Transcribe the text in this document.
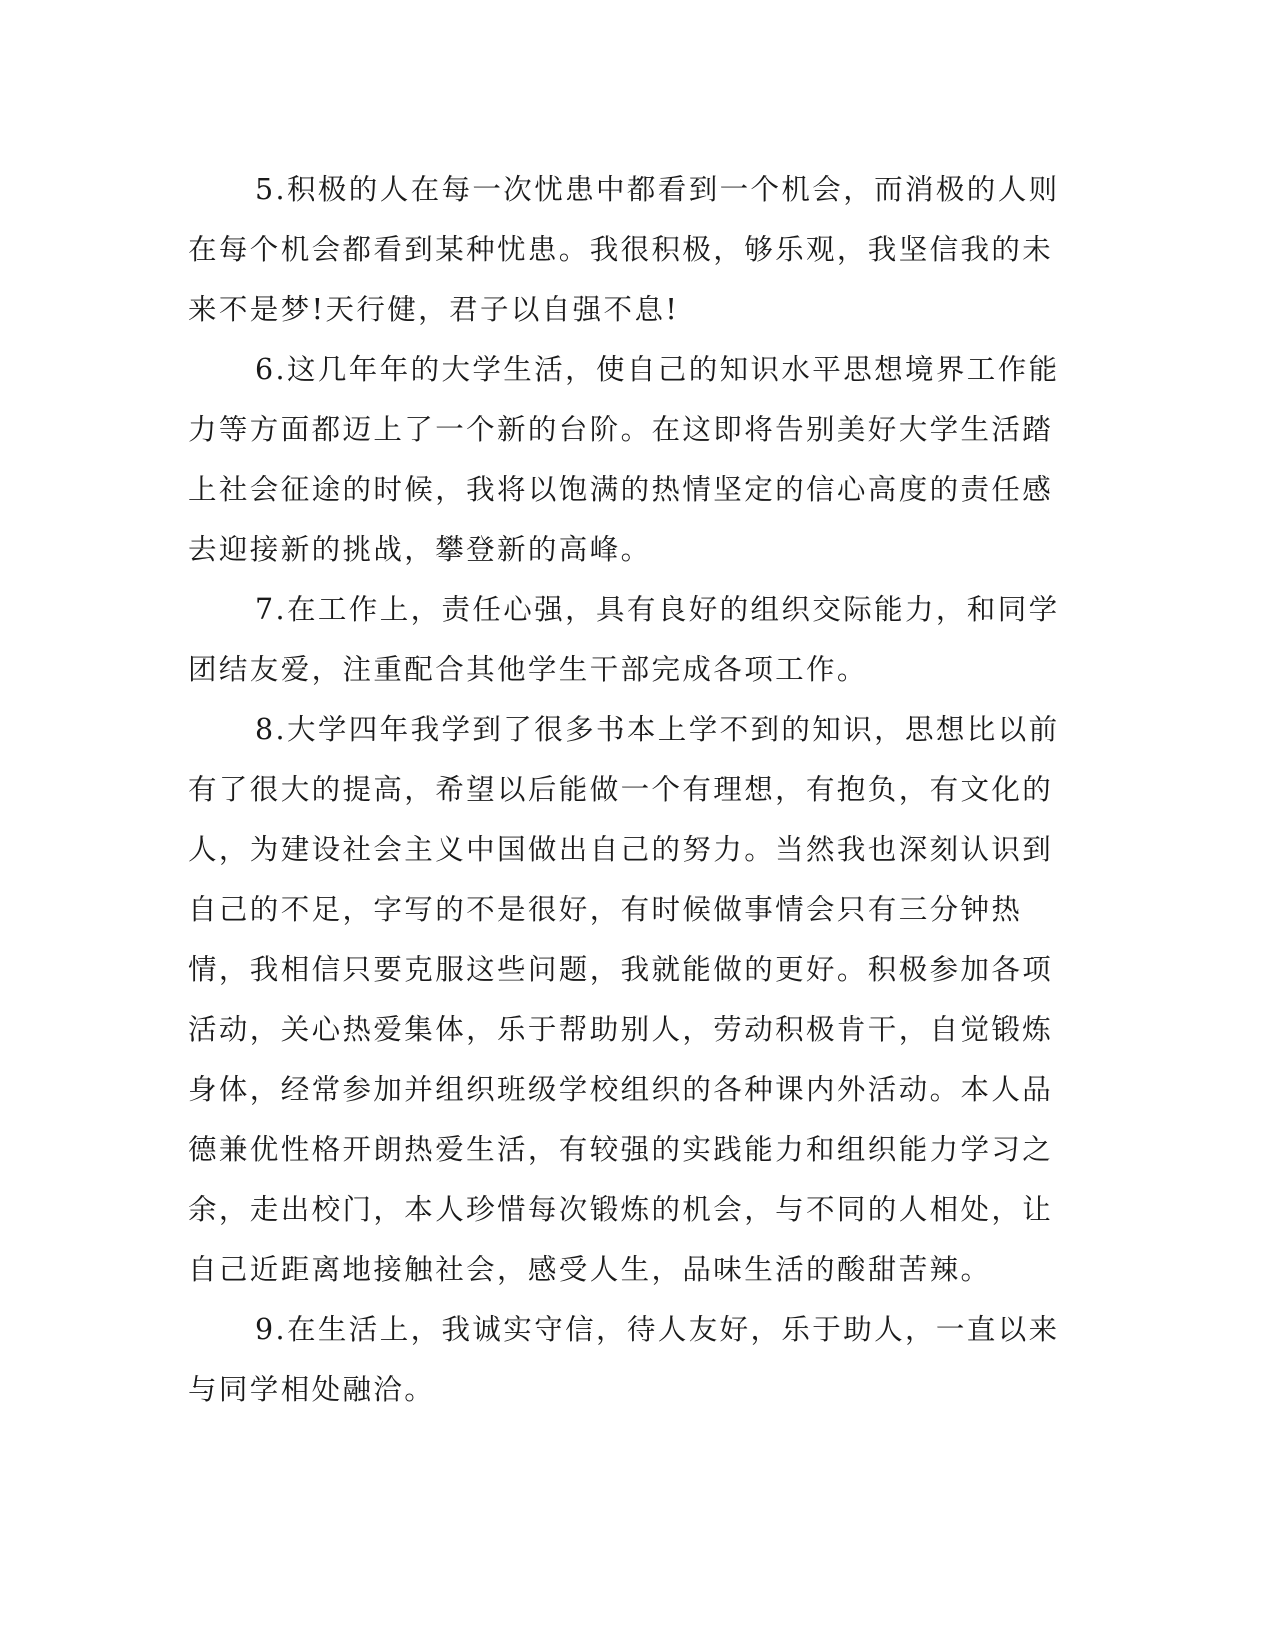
5.积极的人在每一次忧患中都看到一个机会，而消极的人则在每个机会都看到某种忧患。我很积极，够乐观，我坚信我的未来不是梦!天行健，君子以自强不息!

6.这几年年的大学生活，使自己的知识水平思想境界工作能力等方面都迈上了一个新的台阶。在这即将告别美好大学生活踏上社会征途的时候，我将以饱满的热情坚定的信心高度的责任感去迎接新的挑战，攀登新的高峰。

7.在工作上，责任心强，具有良好的组织交际能力，和同学团结友爱，注重配合其他学生干部完成各项工作。

8.大学四年我学到了很多书本上学不到的知识，思想比以前有了很大的提高，希望以后能做一个有理想，有抱负，有文化的人，为建设社会主义中国做出自己的努力。当然我也深刻认识到自己的不足，字写的不是很好，有时候做事情会只有三分钟热情，我相信只要克服这些问题，我就能做的更好。积极参加各项活动，关心热爱集体，乐于帮助别人，劳动积极肯干，自觉锻炼身体，经常参加并组织班级学校组织的各种课内外活动。本人品德兼优性格开朗热爱生活，有较强的实践能力和组织能力学习之余，走出校门，本人珍惜每次锻炼的机会，与不同的人相处，让自己近距离地接触社会，感受人生，品味生活的酸甜苦辣。

9.在生活上，我诚实守信，待人友好，乐于助人，一直以来与同学相处融洽。
